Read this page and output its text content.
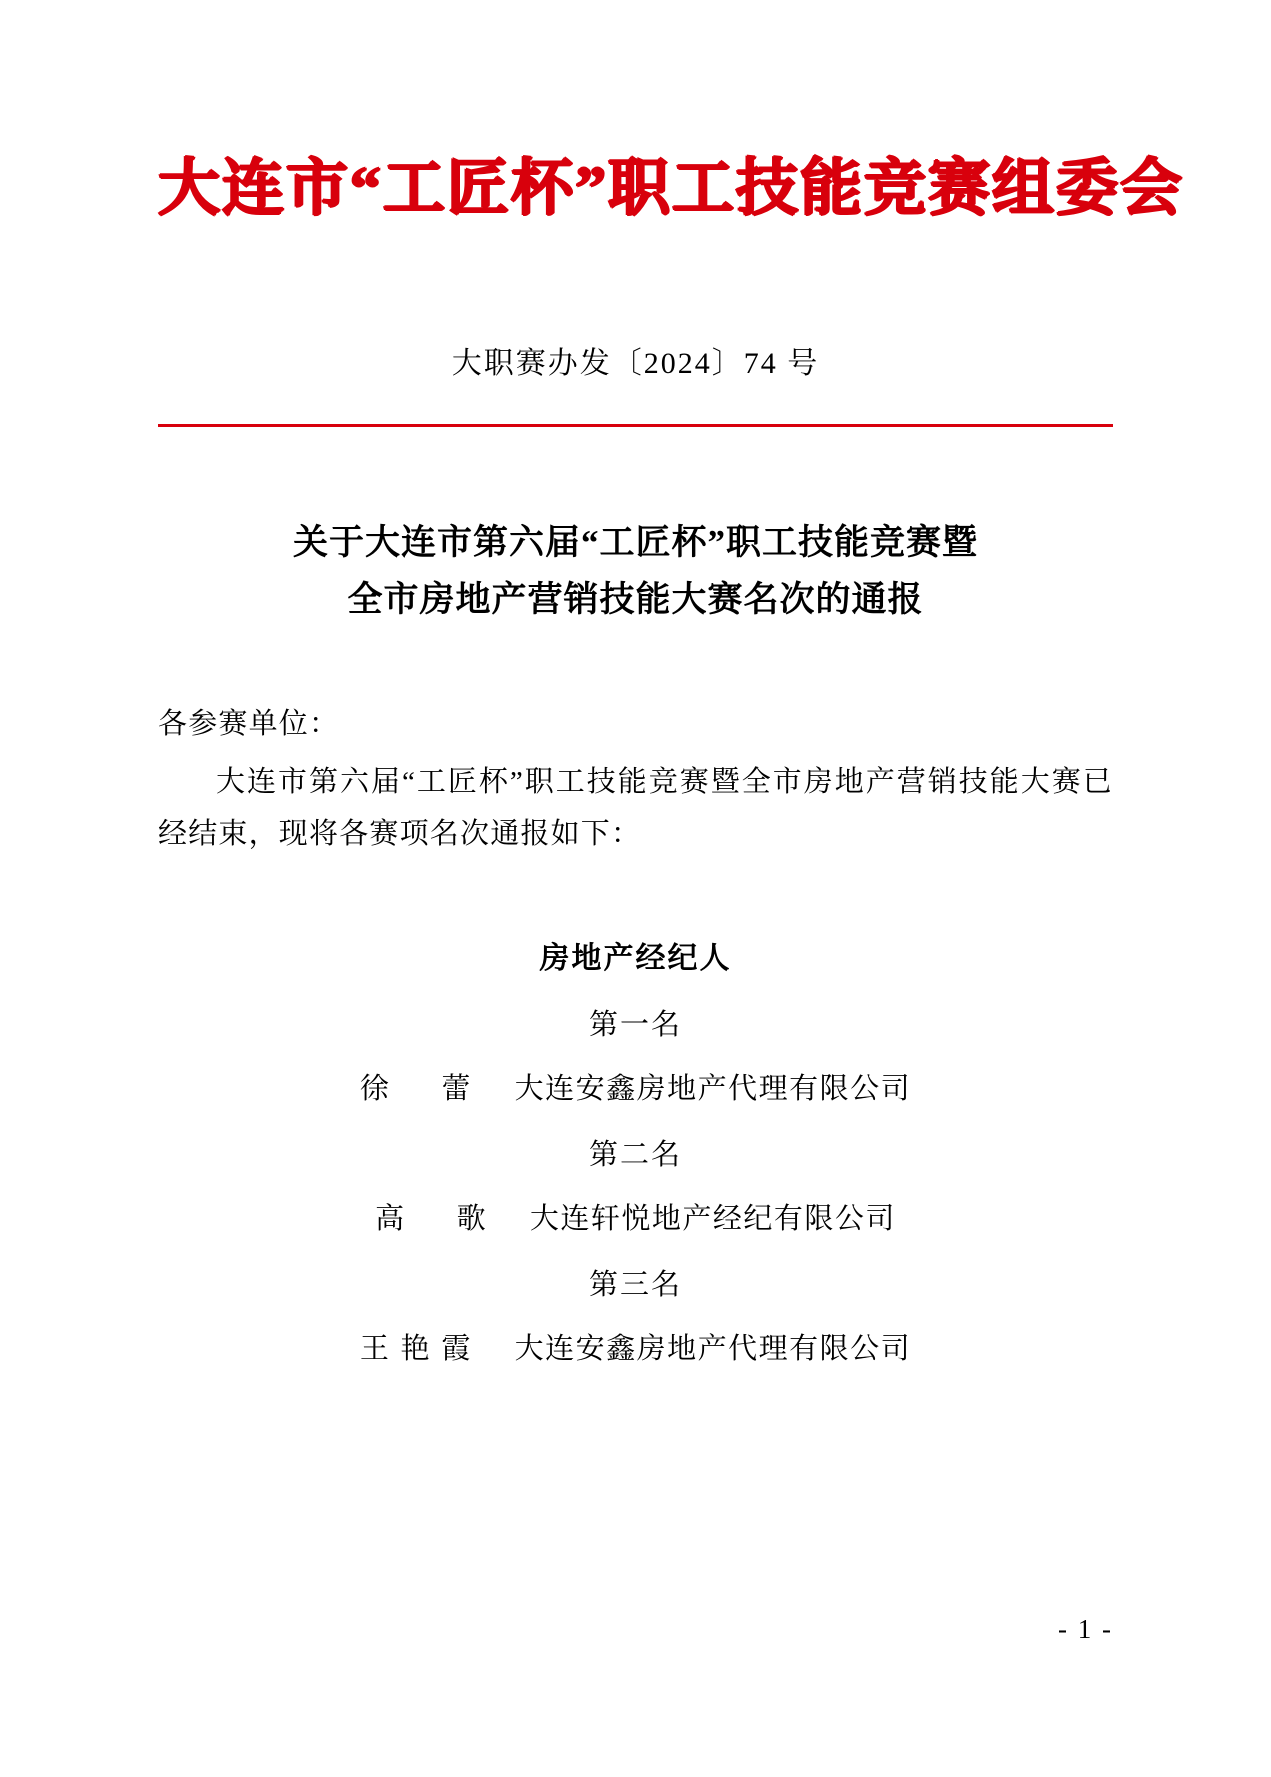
大连市“工匠杯”职工技能竞赛组委会
大职赛办发〔2024〕74 号
关于大连市第六届“工匠杯”职工技能竞赛暨
全市房地产营销技能大赛名次的通报
各参赛单位：
大连市第六届“工匠杯”职工技能竞赛暨全市房地产营销技能大赛已经结束，现将各赛项名次通报如下：
房地产经纪人
第一名
徐 蕾 大连安鑫房地产代理有限公司
第二名
高 歌 大连轩悦地产经纪有限公司
第三名
王艳霞 大连安鑫房地产代理有限公司
- 1 -
